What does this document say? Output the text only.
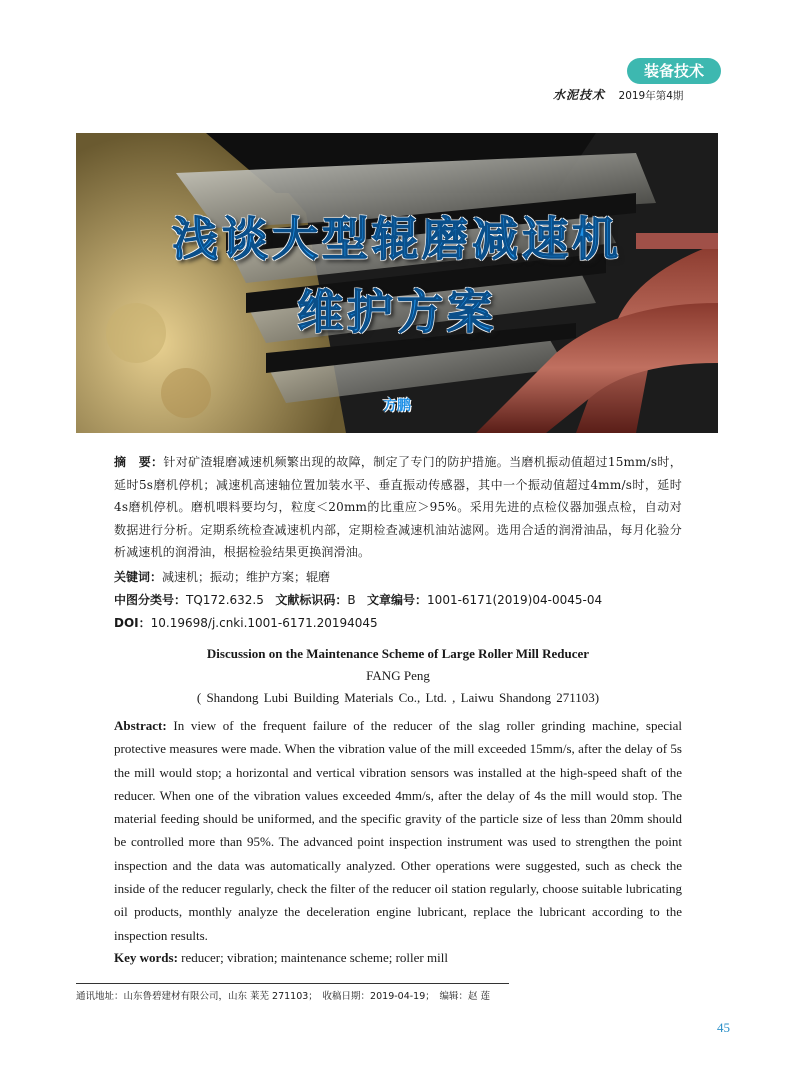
装备技术
水泥技术 2019年第4期
浅谈大型辊磨减速机
维护方案
方鹏
摘　要：针对矿渣辊磨减速机频繁出现的故障，制定了专门的防护措施。当磨机振动值超过15mm/s时，延时5s磨机停机；减速机高速轴位置加装水平、垂直振动传感器，其中一个振动值超过4mm/s时，延时4s磨机停机。磨机喂料要均匀，粒度＜20mm的比重应＞95%。采用先进的点检仪器加强点检，自动对数据进行分析。定期系统检查减速机内部，定期检查减速机油站滤网。选用合适的润滑油品，每月化验分析减速机的润滑油，根据检验结果更换润滑油。
关键词：减速机；振动；维护方案；辊磨
中图分类号：TQ172.632.5 文献标识码：B 文章编号：1001-6171(2019)04-0045-04
DOI：10.19698/j.cnki.1001-6171.20194045
Discussion on the Maintenance Scheme of Large Roller Mill Reducer
FANG Peng
( Shandong Lubi Building Materials Co., Ltd. , Laiwu Shandong 271103)
Abstract: In view of the frequent failure of the reducer of the slag roller grinding machine, special protective measures were made. When the vibration value of the mill exceeded 15mm/s, after the delay of 5s the mill would stop; a horizontal and vertical vibration sensors was installed at the high-speed shaft of the reducer. When one of the vibration values exceeded 4mm/s, after the delay of 4s the mill would stop. The material feeding should be uniformed, and the specific gravity of the particle size of less than 20mm should be controlled more than 95%. The advanced point inspection instrument was used to strengthen the point inspection and the data was automatically analyzed. Other operations were suggested, such as check the inside of the reducer regularly, check the filter of the reducer oil station regularly, choose suitable lubricating oil products, monthly analyze the deceleration engine lubricant, replace the lubricant according to the inspection results.
Key words: reducer; vibration; maintenance scheme; roller mill
通讯地址：山东鲁碧建材有限公司，山东 莱芜 271103；　收稿日期：2019-04-19；　编辑：赵 莲
45
